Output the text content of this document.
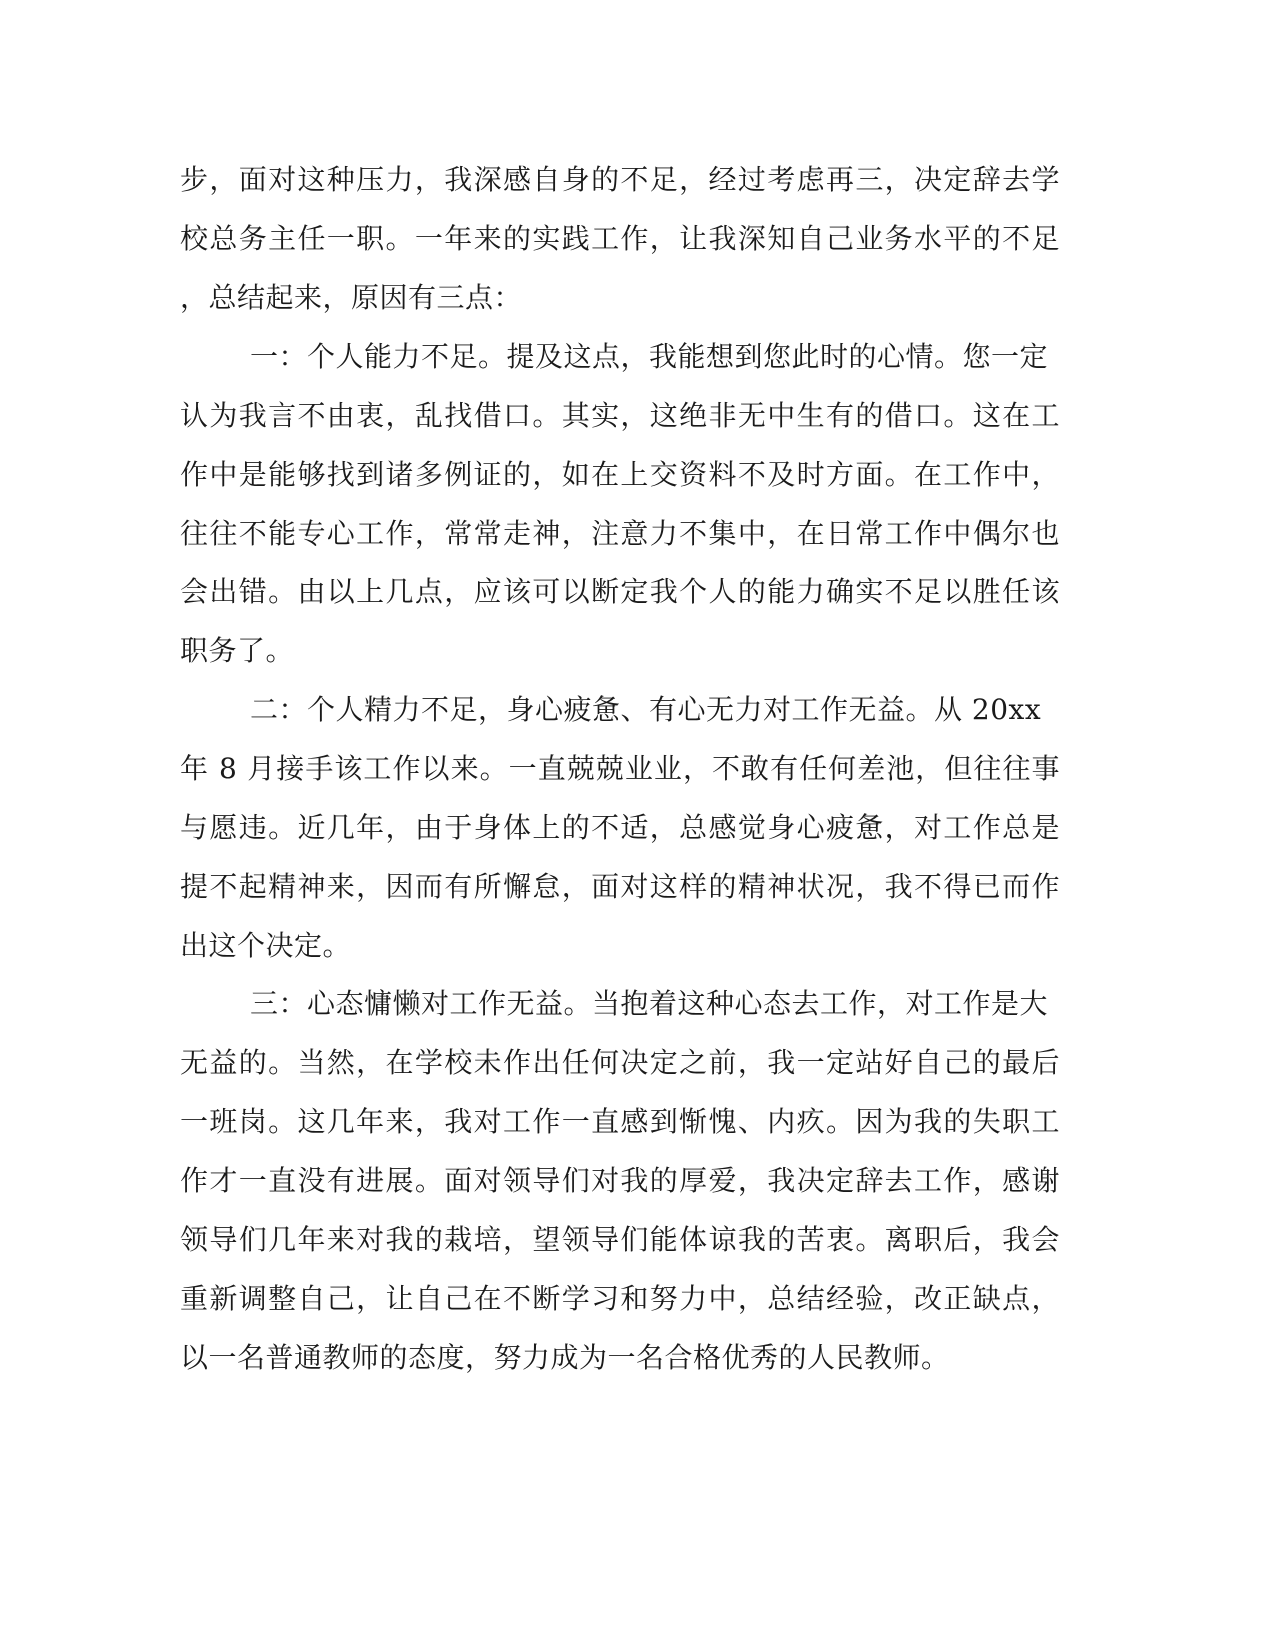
步，面对这种压力，我深感自身的不足，经过考虑再三，决定辞去学
校总务主任一职。一年来的实践工作，让我深知自己业务水平的不足
，总结起来，原因有三点：
一：个人能力不足。提及这点，我能想到您此时的心情。您一定
认为我言不由衷，乱找借口。其实，这绝非无中生有的借口。这在工
作中是能够找到诸多例证的，如在上交资料不及时方面。在工作中，
往往不能专心工作，常常走神，注意力不集中，在日常工作中偶尔也
会出错。由以上几点，应该可以断定我个人的能力确实不足以胜任该
职务了。
二：个人精力不足，身心疲惫、有心无力对工作无益。从 20xx
年 8 月接手该工作以来。一直兢兢业业，不敢有任何差池，但往往事
与愿违。近几年，由于身体上的不适，总感觉身心疲惫，对工作总是
提不起精神来，因而有所懈怠，面对这样的精神状况，我不得已而作
出这个决定。
三：心态慵懒对工作无益。当抱着这种心态去工作，对工作是大
无益的。当然，在学校未作出任何决定之前，我一定站好自己的最后
一班岗。这几年来，我对工作一直感到惭愧、内疚。因为我的失职工
作才一直没有进展。面对领导们对我的厚爱，我决定辞去工作，感谢
领导们几年来对我的栽培，望领导们能体谅我的苦衷。离职后，我会
重新调整自己，让自己在不断学习和努力中，总结经验，改正缺点，
以一名普通教师的态度，努力成为一名合格优秀的人民教师。
